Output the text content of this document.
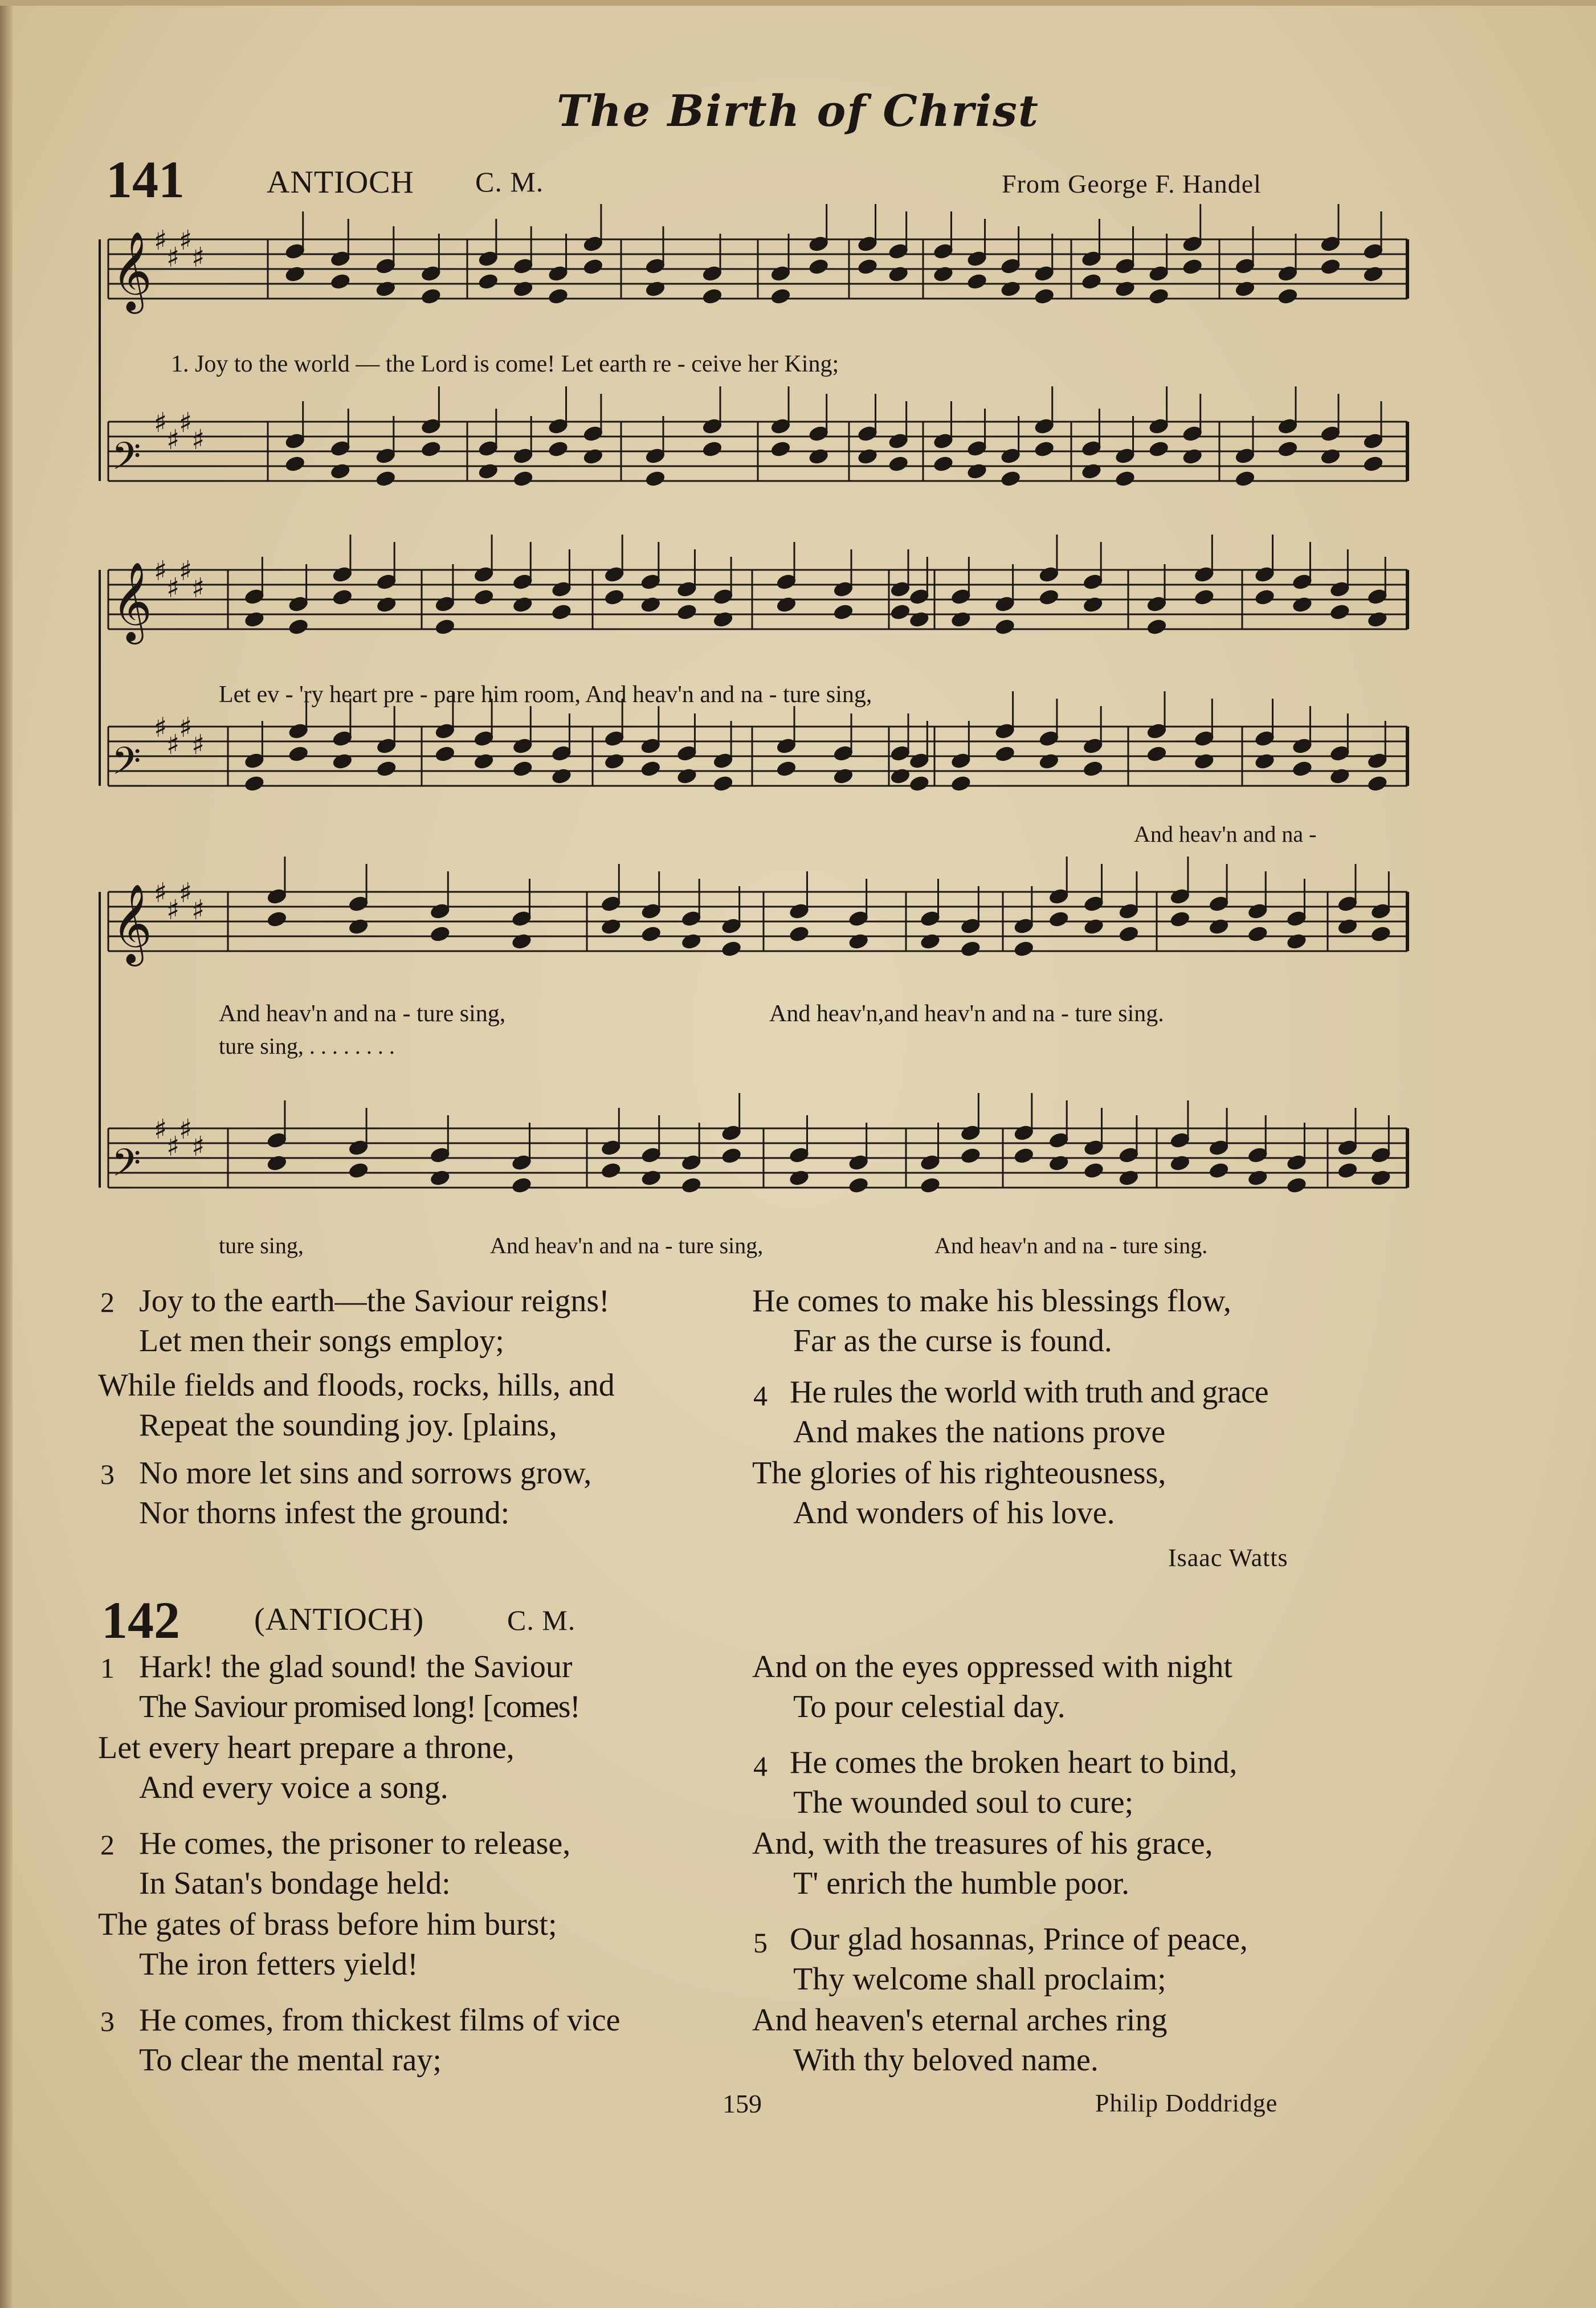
The Birth of Christ
141	ANTIOCH C. M.	From George F. Handel
𝄞 ♯
♯
♯
♯
𝄢
♯
♯
♯
♯
𝄞 ♯
♯
♯
♯
𝄢
♯
♯
♯
♯
𝄞 ♯
♯
♯
♯
𝄢
♯
♯
♯
♯
1. Joy to the world — the Lord is come! Let earth re - ceive her King;
Let ev - 'ry heart pre - pare him room, And heav'n and na - ture sing,
And heav'n and na -
And heav'n and na - ture sing,	And heav'n,and heav'n and na - ture sing.
ture sing, . . . . . . . .
ture sing,	And heav'n and na - ture sing,	And heav'n and na - ture sing.
2 Joy to the earth—the Saviour reigns!
Let men their songs employ;
While fields and floods, rocks, hills, and
Repeat the sounding joy. [plains,
3 No more let sins and sorrows grow,
Nor thorns infest the ground:
He comes to make his blessings flow,
Far as the curse is found.
4 He rules the world with truth and grace
And makes the nations prove
The glories of his righteousness,
And wonders of his love.
Isaac Watts
142 (ANTIOCH)	C. M.
1 Hark! the glad sound! the Saviour
The Saviour promised long! [comes!
Let every heart prepare a throne,
And every voice a song.
2 He comes, the prisoner to release,
In Satan's bondage held:
The gates of brass before him burst;
The iron fetters yield!
3 He comes, from thickest films of vice
To clear the mental ray;
And on the eyes oppressed with night
To pour celestial day.
4 He comes the broken heart to bind,
The wounded soul to cure;
And, with the treasures of his grace,
T' enrich the humble poor.
5 Our glad hosannas, Prince of peace,
Thy welcome shall proclaim;
And heaven's eternal arches ring
With thy beloved name.
159	Philip Doddridge
